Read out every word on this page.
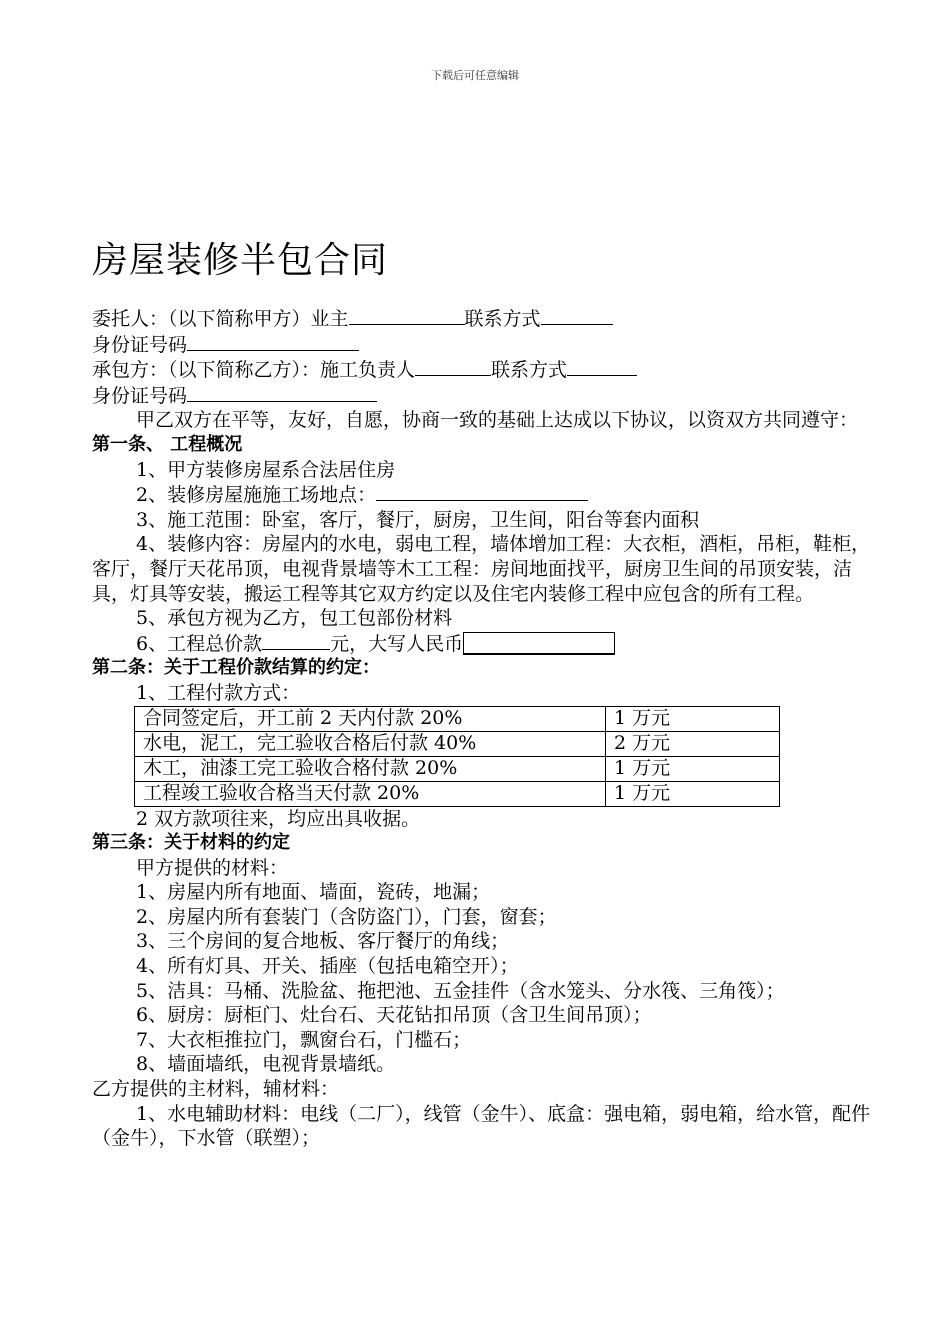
下载后可任意编辑
房屋装修半包合同
委托人：（以下简称甲方）业主	联系方式
身份证号码
承包方：（以下简称乙方）：施工负责人	联系方式
身份证号码
甲乙双方在平等，友好，自愿，协商一致的基础上达成以下协议，以资双方共同遵守：
第一条、 工程概况
1、甲方装修房屋系合法居住房
2、装修房屋施施工场地点：
3、施工范围：卧室，客厅，餐厅，厨房，卫生间，阳台等套内面积
4、装修内容：房屋内的水电，弱电工程，墙体增加工程：大衣柜，酒柜，吊柜，鞋柜，客厅，餐厅天花吊顶，电视背景墙等木工工程：房间地面找平，厨房卫生间的吊顶安装，洁具，灯具等安装，搬运工程等其它双方约定以及住宅内装修工程中应包含的所有工程。
5、承包方视为乙方，包工包部份材料
6、工程总价款	元，大写人民币
第二条：关于工程价款结算的约定：
1、工程付款方式：
合同签定后，开工前 2 天内付款 20%	1 万元
水电，泥工，完工验收合格后付款 40%	2 万元
木工，油漆工完工验收合格付款 20%	1 万元
工程竣工验收合格当天付款 20%	1 万元
2 双方款项往来，均应出具收据。
第三条：关于材料的约定
甲方提供的材料：
1、房屋内所有地面、墙面，瓷砖，地漏；
2、房屋内所有套装门（含防盗门），门套，窗套；
3、三个房间的复合地板、客厅餐厅的角线；
4、所有灯具、开关、插座（包括电箱空开）；
5、洁具：马桶、洗脸盆、拖把池、五金挂件（含水笼头、分水筏、三角筏）；
6、厨房：厨柜门、灶台石、天花钻扣吊顶（含卫生间吊顶）；
7、大衣柜推拉门，飘窗台石，门槛石；
8、墙面墙纸，电视背景墙纸。
乙方提供的主材料，辅材料：
1、水电辅助材料：电线（二厂），线管（金牛）、底盒：强电箱，弱电箱，给水管，配件（金牛），下水管（联塑）；
